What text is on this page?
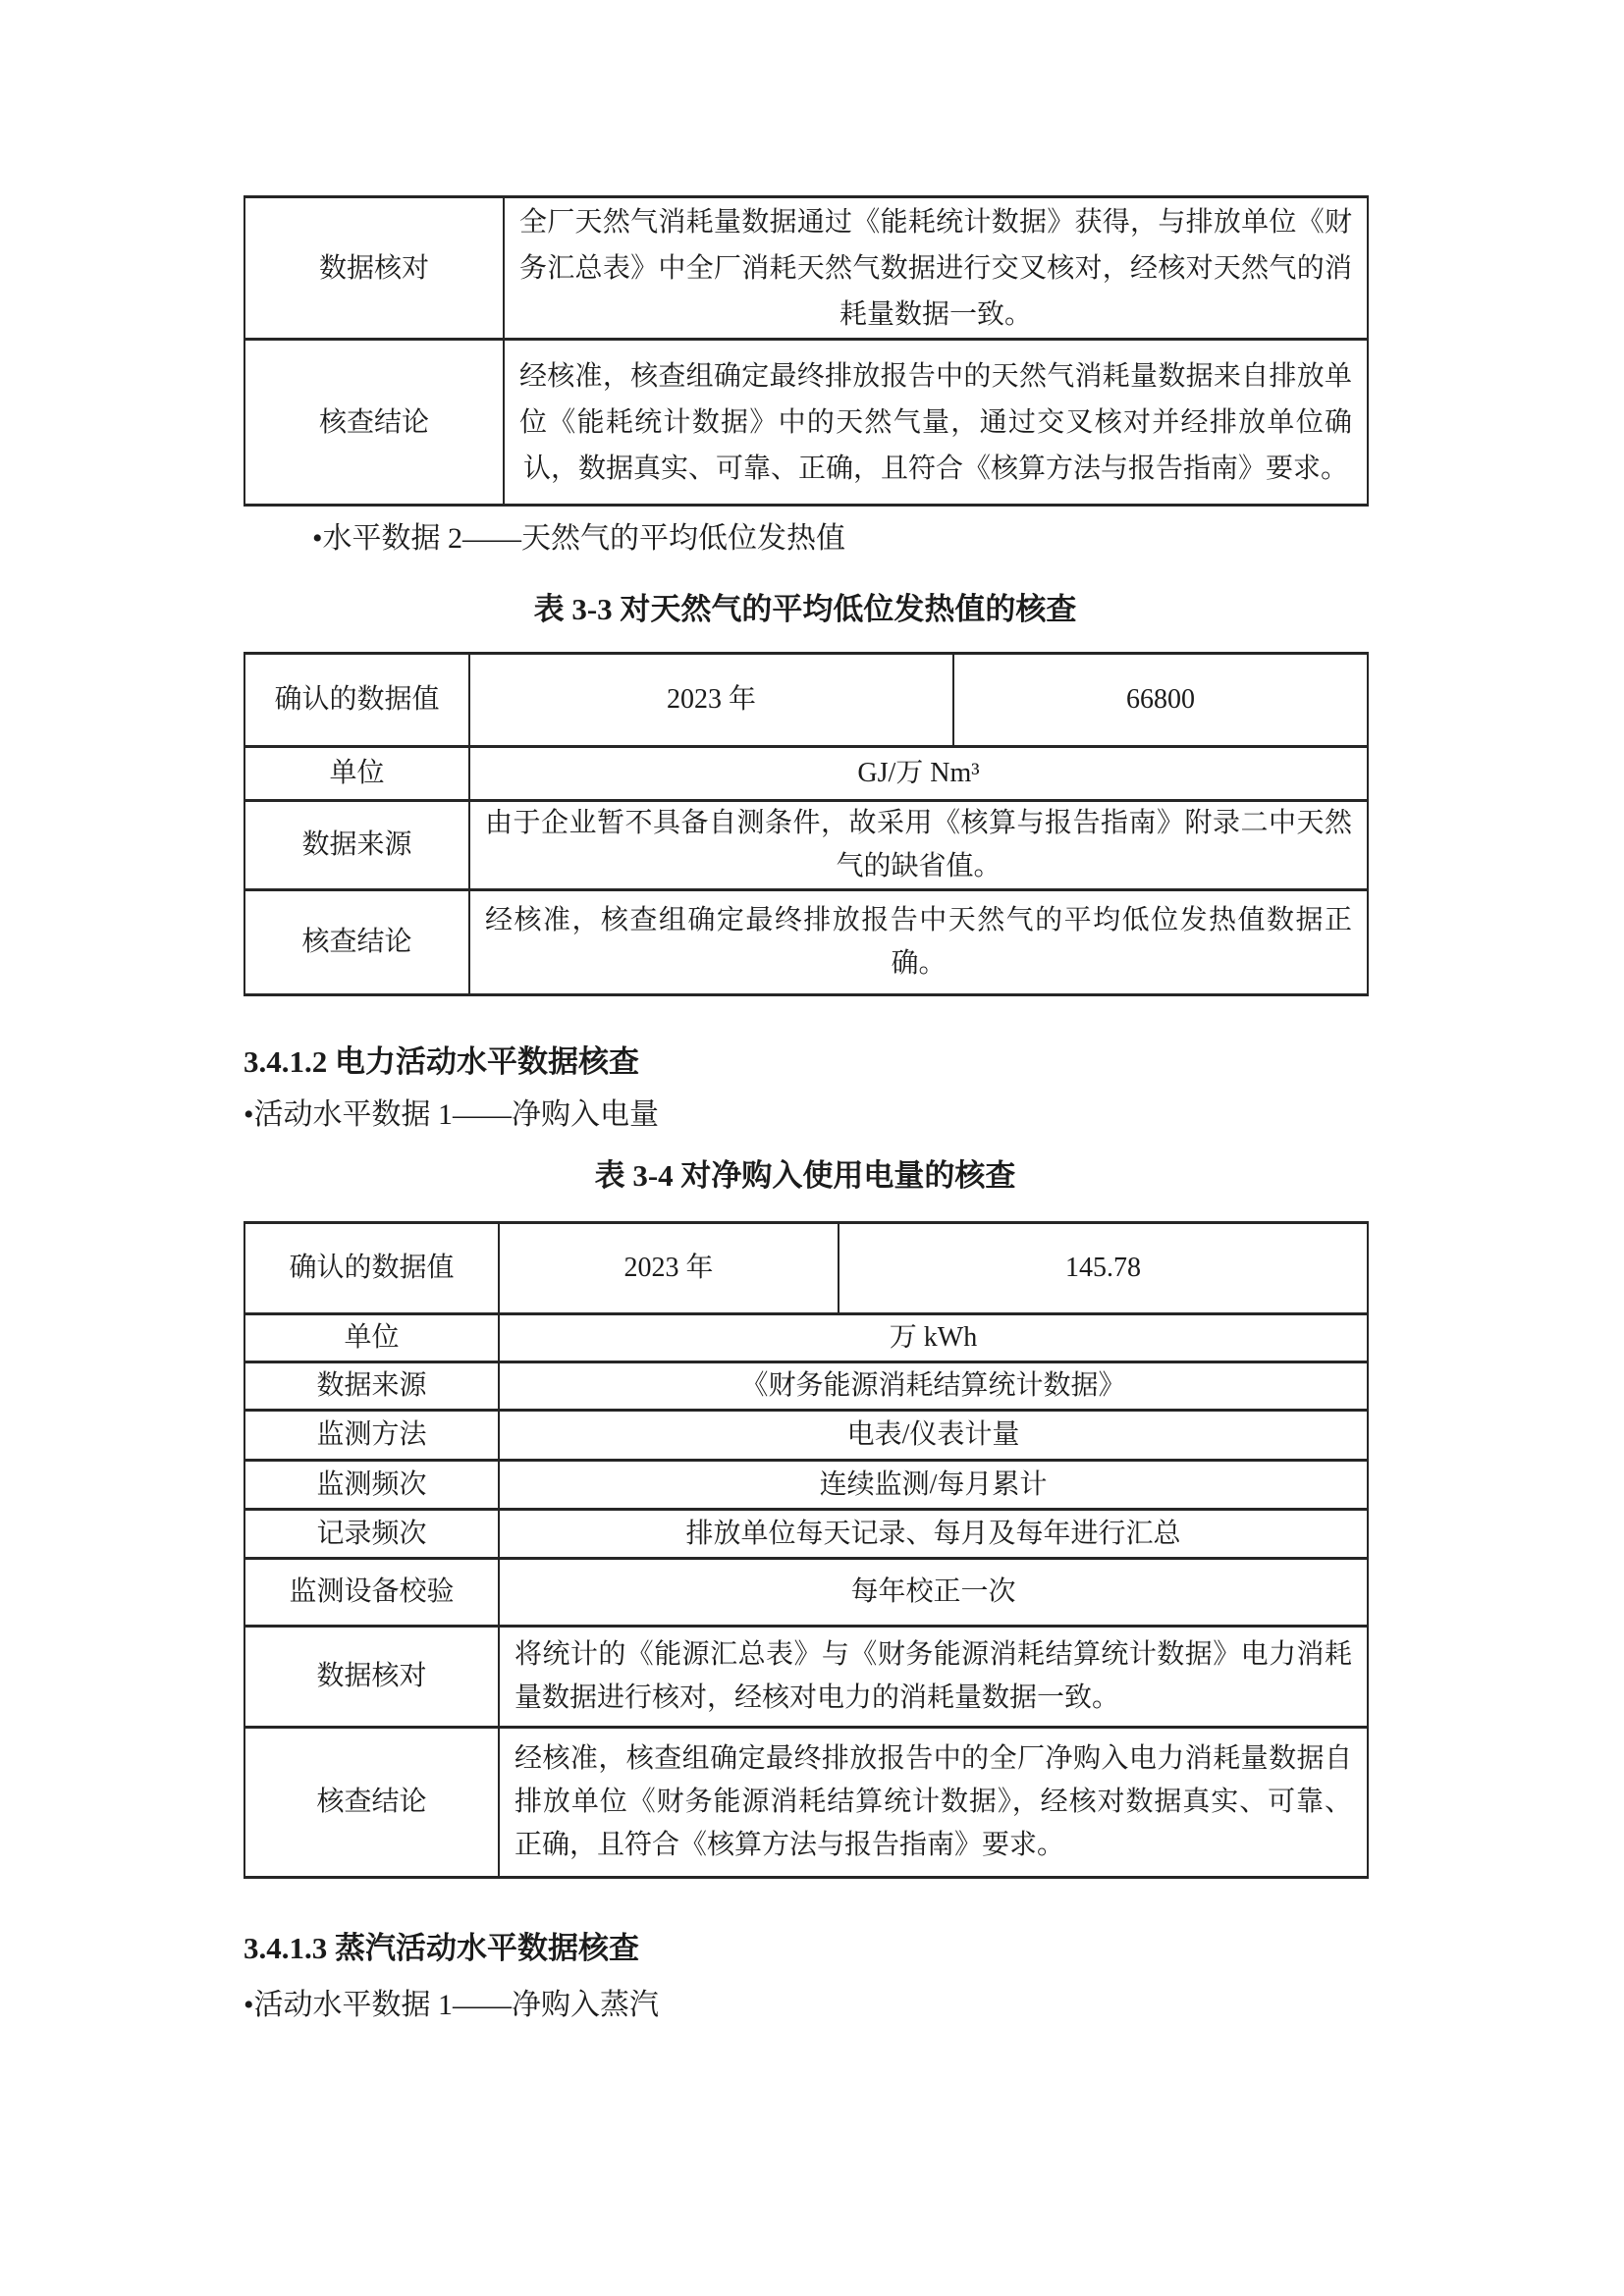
数据核对	全厂天然气消耗量数据通过《能耗统计数据》获得，与排放单位《财务汇总表》中全厂消耗天然气数据进行交叉核对，经核对天然气的消耗量数据一致。
核查结论	经核准，核查组确定最终排放报告中的天然气消耗量数据来自排放单位《能耗统计数据》中的天然气量，通过交叉核对并经排放单位确认，数据真实、可靠、正确，且符合《核算方法与报告指南》要求。

•水平数据 2——天然气的平均低位发热值

表 3-3 对天然气的平均低位发热值的核查
确认的数据值	2023 年	66800
单位	GJ/万 Nm³	
数据来源	由于企业暂不具备自测条件，故采用《核算与报告指南》附录二中天然气的缺省值。	
核查结论	经核准，核查组确定最终排放报告中天然气的平均低位发热值数据正确。	
3.4.1.2 电力活动水平数据核查

•活动水平数据 1——净购入电量

表 3-4 对净购入使用电量的核查
确认的数据值	2023 年	145.78
单位	万 kWh	
数据来源	《财务能源消耗结算统计数据》	
监测方法	电表/仪表计量	
监测频次	连续监测/每月累计	
记录频次	排放单位每天记录、每月及每年进行汇总	
监测设备校验	每年校正一次	
数据核对	将统计的《能源汇总表》与《财务能源消耗结算统计数据》电力消耗量数据进行核对，经核对电力的消耗量数据一致。	
核查结论	经核准，核查组确定最终排放报告中的全厂净购入电力消耗量数据自排放单位《财务能源消耗结算统计数据》，经核对数据真实、可靠、正确，且符合《核算方法与报告指南》要求。	
3.4.1.3 蒸汽活动水平数据核查

•活动水平数据 1——净购入蒸汽
